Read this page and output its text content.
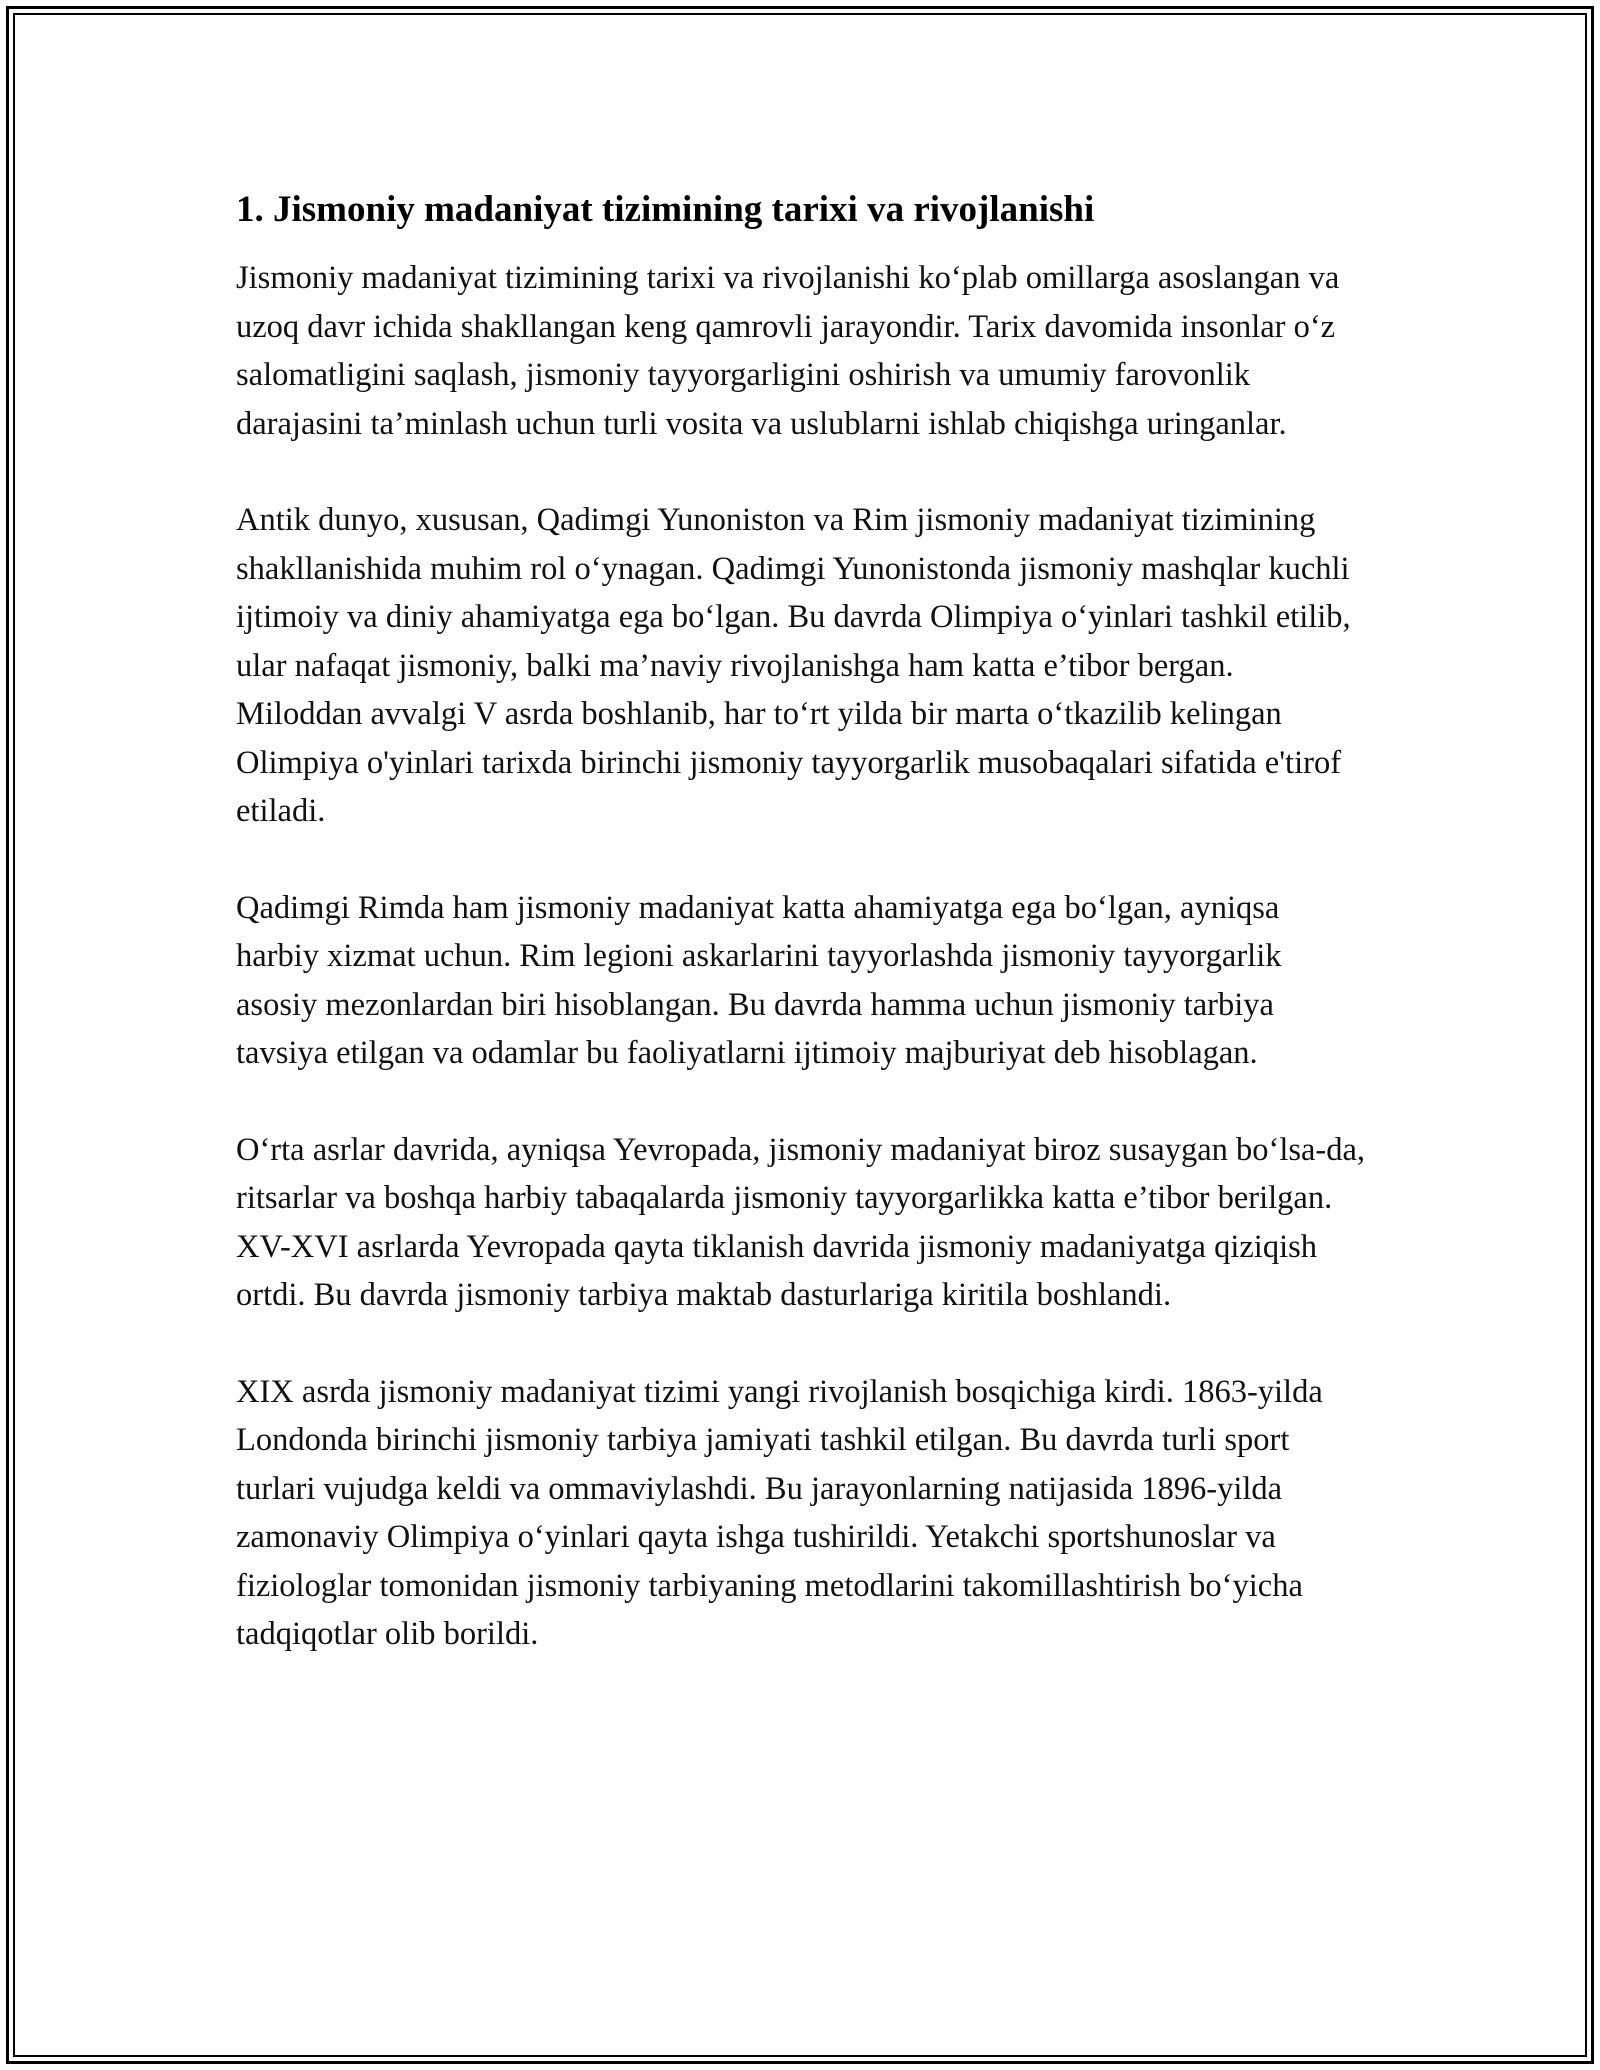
1. Jismoniy madaniyat tizimining tarixi va rivojlanishi

Jismoniy madaniyat tizimining tarixi va rivojlanishi ko‘plab omillarga asoslangan va uzoq davr ichida shakllangan keng qamrovli jarayondir. Tarix davomida insonlar o‘z salomatligini saqlash, jismoniy tayyorgarligini oshirish va umumiy farovonlik darajasini ta’minlash uchun turli vosita va uslublarni ishlab chiqishga uringanlar.

Antik dunyo, xususan, Qadimgi Yunoniston va Rim jismoniy madaniyat tizimining shakllanishida muhim rol o‘ynagan. Qadimgi Yunonistonda jismoniy mashqlar kuchli ijtimoiy va diniy ahamiyatga ega bo‘lgan. Bu davrda Olimpiya o‘yinlari tashkil etilib, ular nafaqat jismoniy, balki ma’naviy rivojlanishga ham katta e’tibor bergan. Miloddan avvalgi V asrda boshlanib, har to‘rt yilda bir marta o‘tkazilib kelingan Olimpiya o'yinlari tarixda birinchi jismoniy tayyorgarlik musobaqalari sifatida e'tirof etiladi.

Qadimgi Rimda ham jismoniy madaniyat katta ahamiyatga ega bo‘lgan, ayniqsa harbiy xizmat uchun. Rim legioni askarlarini tayyorlashda jismoniy tayyorgarlik asosiy mezonlardan biri hisoblangan. Bu davrda hamma uchun jismoniy tarbiya tavsiya etilgan va odamlar bu faoliyatlarni ijtimoiy majburiyat deb hisoblagan.

O‘rta asrlar davrida, ayniqsa Yevropada, jismoniy madaniyat biroz susaygan bo‘lsa-da, ritsarlar va boshqa harbiy tabaqalarda jismoniy tayyorgarlikka katta e’tibor berilgan. XV-XVI asrlarda Yevropada qayta tiklanish davrida jismoniy madaniyatga qiziqish ortdi. Bu davrda jismoniy tarbiya maktab dasturlariga kiritila boshlandi.

XIX asrda jismoniy madaniyat tizimi yangi rivojlanish bosqichiga kirdi. 1863-yilda Londonda birinchi jismoniy tarbiya jamiyati tashkil etilgan. Bu davrda turli sport turlari vujudga keldi va ommaviylashdi. Bu jarayonlarning natijasida 1896-yilda zamonaviy Olimpiya o‘yinlari qayta ishga tushirildi. Yetakchi sportshunoslar va fiziologlar tomonidan jismoniy tarbiyaning metodlarini takomillashtirish bo‘yicha tadqiqotlar olib borildi.
